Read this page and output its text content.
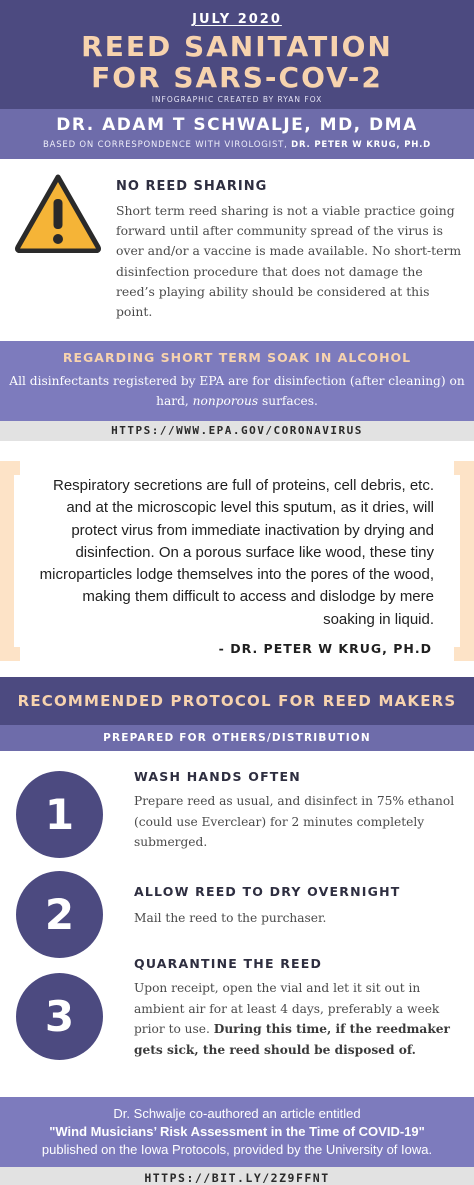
JULY 2020
REED SANITATION
FOR SARS-COV-2
INFOGRAPHIC CREATED BY RYAN FOX
DR. ADAM T SCHWALJE, MD, DMA
BASED ON CORRESPONDENCE WITH VIROLOGIST, DR. PETER W KRUG, PH.D
NO REED SHARING
Short term reed sharing is not a viable practice going forward until after community spread of the virus is over and/or a vaccine is made available. No short-term disinfection procedure that does not damage the reed’s playing ability should be considered at this point.
REGARDING SHORT TERM SOAK IN ALCOHOL
All disinfectants registered by EPA are for disinfection (after cleaning) on hard, nonporous surfaces.
HTTPS://WWW.EPA.GOV/CORONAVIRUS
Respiratory secretions are full of proteins, cell debris, etc. and at the microscopic level this sputum, as it dries, will protect virus from immediate inactivation by drying and disinfection. On a porous surface like wood, these tiny microparticles lodge themselves into the pores of the wood, making them difficult to access and dislodge by mere soaking in liquid.
- DR. PETER W KRUG, PH.D
RECOMMENDED PROTOCOL FOR REED MAKERS
PREPARED FOR OTHERS/DISTRIBUTION
1
WASH HANDS OFTEN
Prepare reed as usual, and disinfect in 75% ethanol (could use Everclear) for 2 minutes completely submerged.
2	ALLOW REED TO DRY OVERNIGHT
Mail the reed to the purchaser.
3
QUARANTINE THE REED
Upon receipt, open the vial and let it sit out in ambient air for at least 4 days, preferably a week prior to use. During this time, if the reedmaker gets sick, the reed should be disposed of.
Dr. Schwalje co-authored an article entitled
"Wind Musicians’ Risk Assessment in the Time of COVID-19"
published on the Iowa Protocols, provided by the University of Iowa.
HTTPS://BIT.LY/2Z9FFNT
